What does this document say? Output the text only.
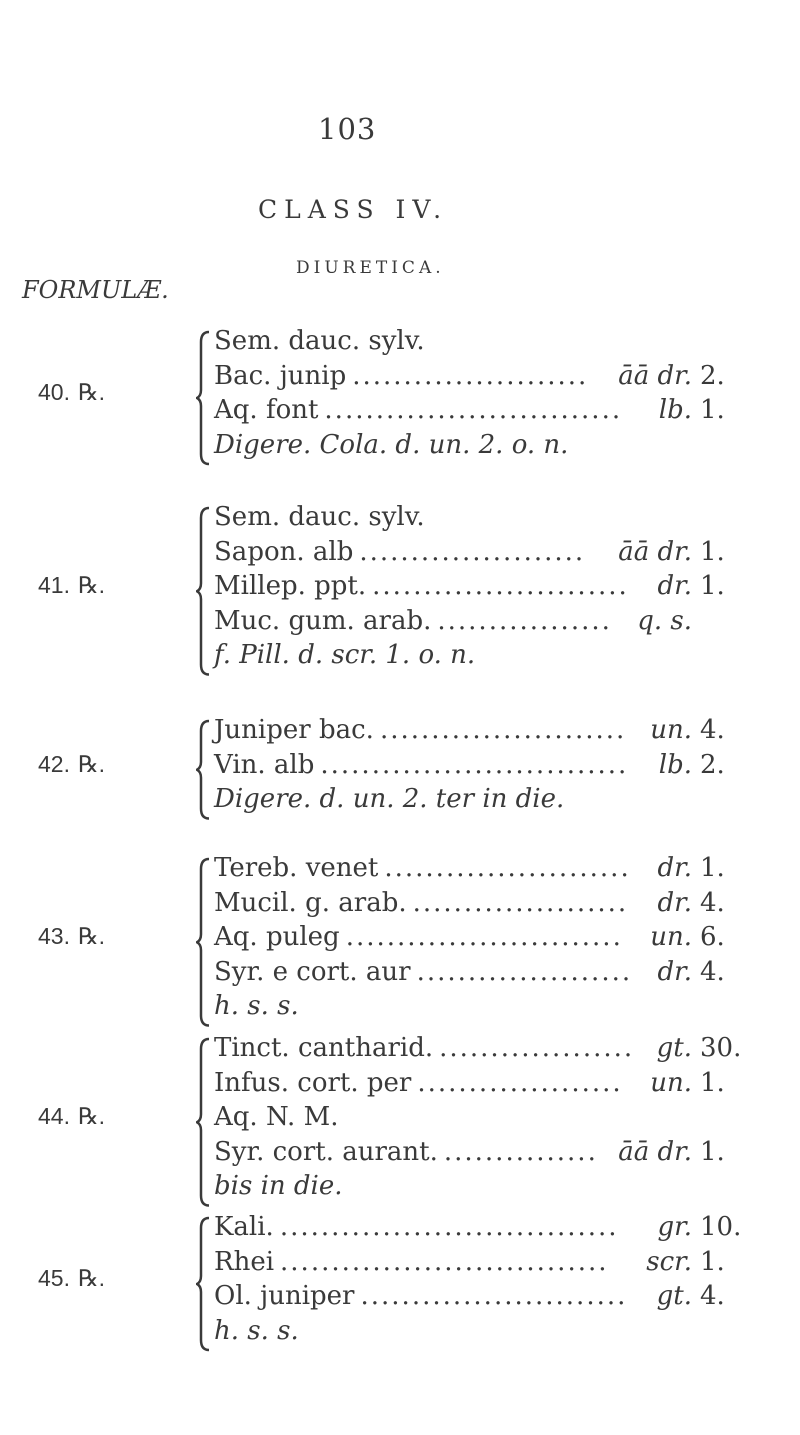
103
CLASS IV.
DIURETICA.
FORMULÆ.
40. ℞.
Sem. dauc. sylv.
Bac. junip ....................... āā dr. 2.
Aq. font ............................. lb. 1.
Digere. Cola. d. un. 2. o. n.
41. ℞.
Sem. dauc. sylv.
Sapon. alb ...................... āā dr. 1.
Millep. ppt. ......................... dr. 1.
Muc. gum. arab. ................. q. s.
f. Pill. d. scr. 1. o. n.
42. ℞.
Juniper bac. ........................ un. 4.
Vin. alb .............................. lb. 2.
Digere. d. un. 2. ter in die.
43. ℞.
Tereb. venet ........................ dr. 1.
Mucil. g. arab. ..................... dr. 4.
Aq. puleg ........................... un. 6.
Syr. e cort. aur ..................... dr. 4.
h. s. s.
44. ℞.
Tinct. cantharid. ................... gt. 30.
Infus. cort. per .................... un. 1.
Aq. N. M.
Syr. cort. aurant. ............... āā dr. 1.
bis in die.
45. ℞.
Kali. ................................. gr. 10.
Rhei ................................ scr. 1.
Ol. juniper .......................... gt. 4.
h. s. s.
